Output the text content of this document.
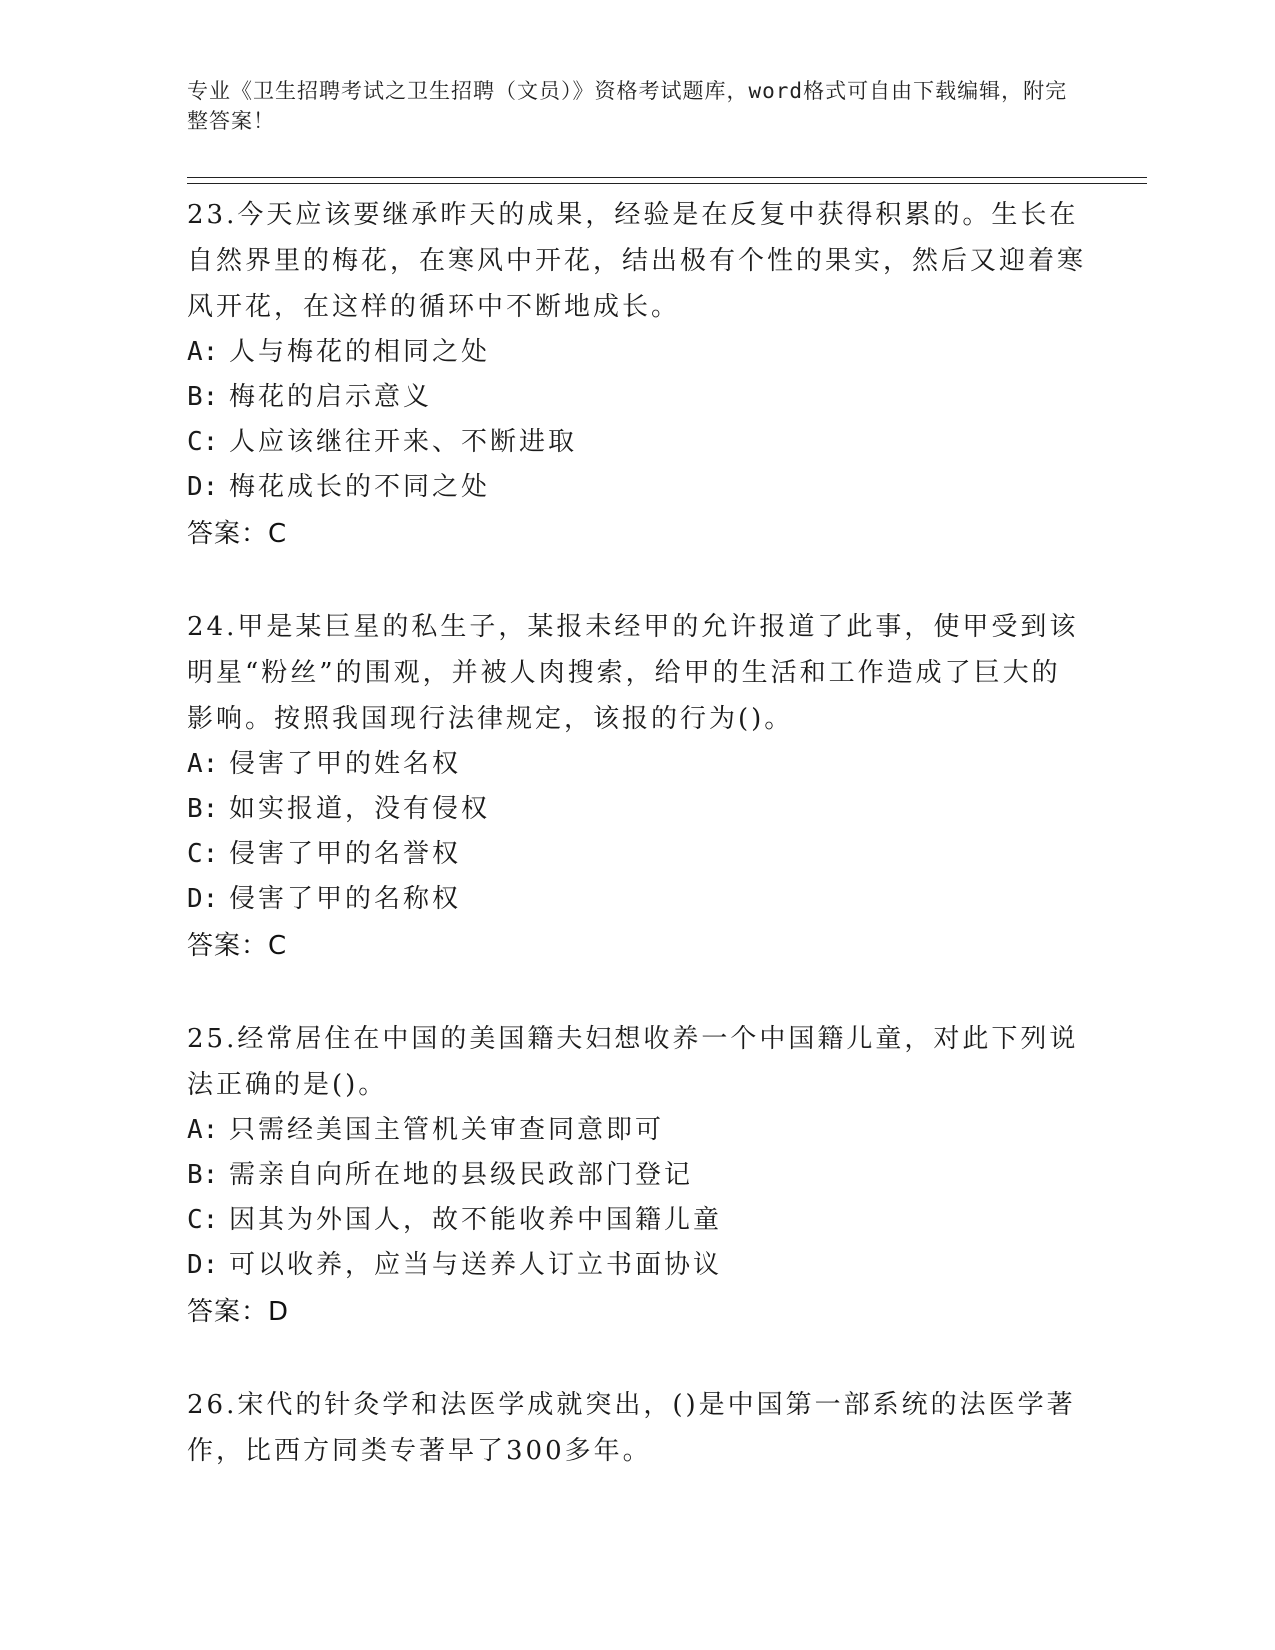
专业《卫生招聘考试之卫生招聘（文员）》资格考试题库，word格式可自由下载编辑，附完整答案！

23.今天应该要继承昨天的成果，经验是在反复中获得积累的。生长在自然界里的梅花，在寒风中开花，结出极有个性的果实，然后又迎着寒风开花，在这样的循环中不断地成长。

A: 人与梅花的相同之处

B: 梅花的启示意义

C: 人应该继往开来、不断进取

D: 梅花成长的不同之处

答案：C

24.甲是某巨星的私生子，某报未经甲的允许报道了此事，使甲受到该明星“粉丝”的围观，并被人肉搜索，给甲的生活和工作造成了巨大的影响。按照我国现行法律规定，该报的行为()。

A: 侵害了甲的姓名权

B: 如实报道，没有侵权

C: 侵害了甲的名誉权

D: 侵害了甲的名称权

答案：C

25.经常居住在中国的美国籍夫妇想收养一个中国籍儿童，对此下列说法正确的是()。

A: 只需经美国主管机关审查同意即可

B: 需亲自向所在地的县级民政部门登记

C: 因其为外国人，故不能收养中国籍儿童

D: 可以收养，应当与送养人订立书面协议

答案：D

26.宋代的针灸学和法医学成就突出，()是中国第一部系统的法医学著作，比西方同类专著早了300多年。
